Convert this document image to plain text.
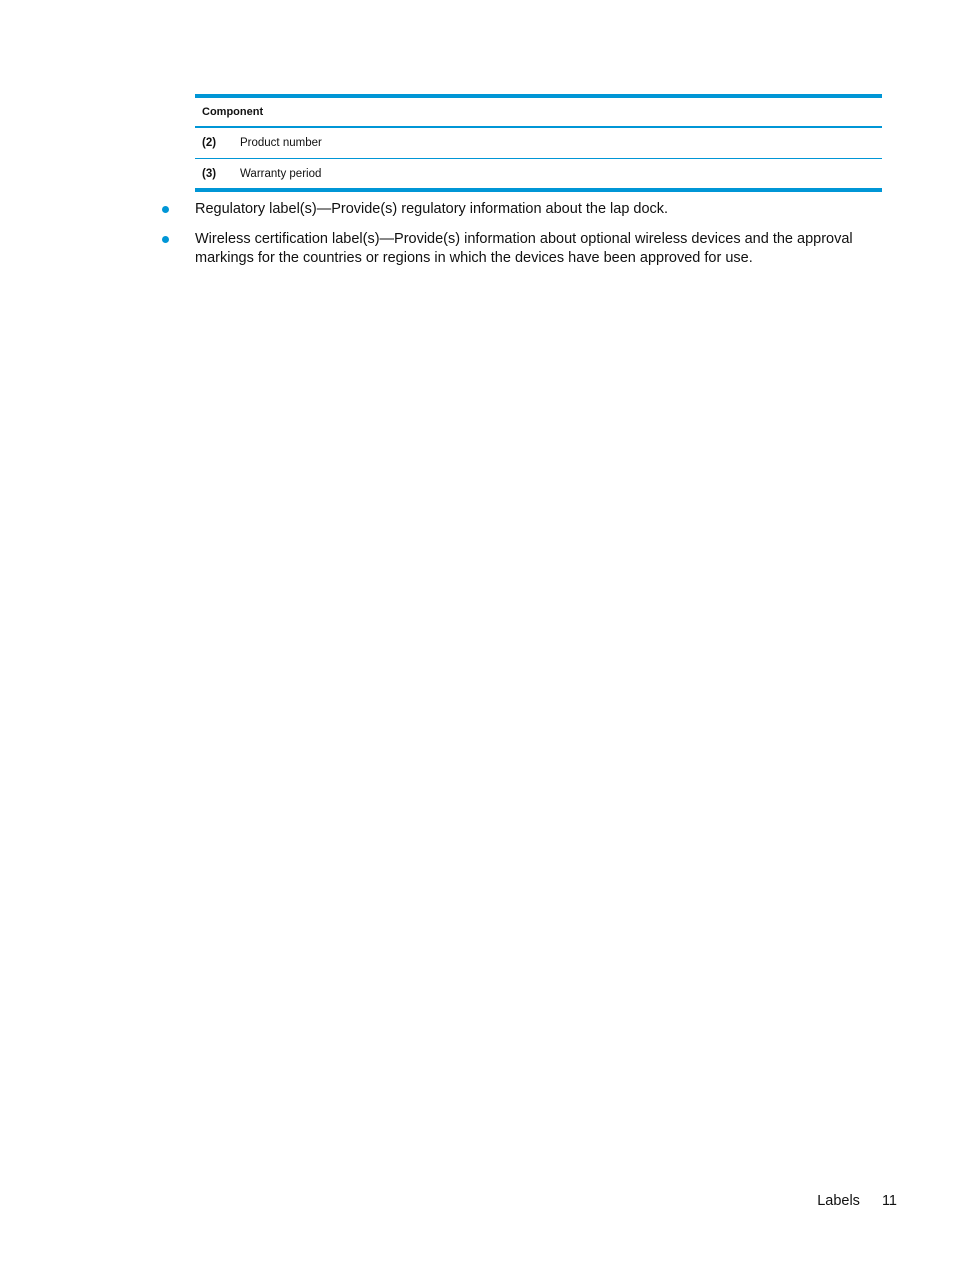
Component
(2)	Product number
(3)	Warranty period
Regulatory label(s)—Provide(s) regulatory information about the lap dock.
Wireless certification label(s)—Provide(s) information about optional wireless devices and the approval markings for the countries or regions in which the devices have been approved for use.
Labels 11
